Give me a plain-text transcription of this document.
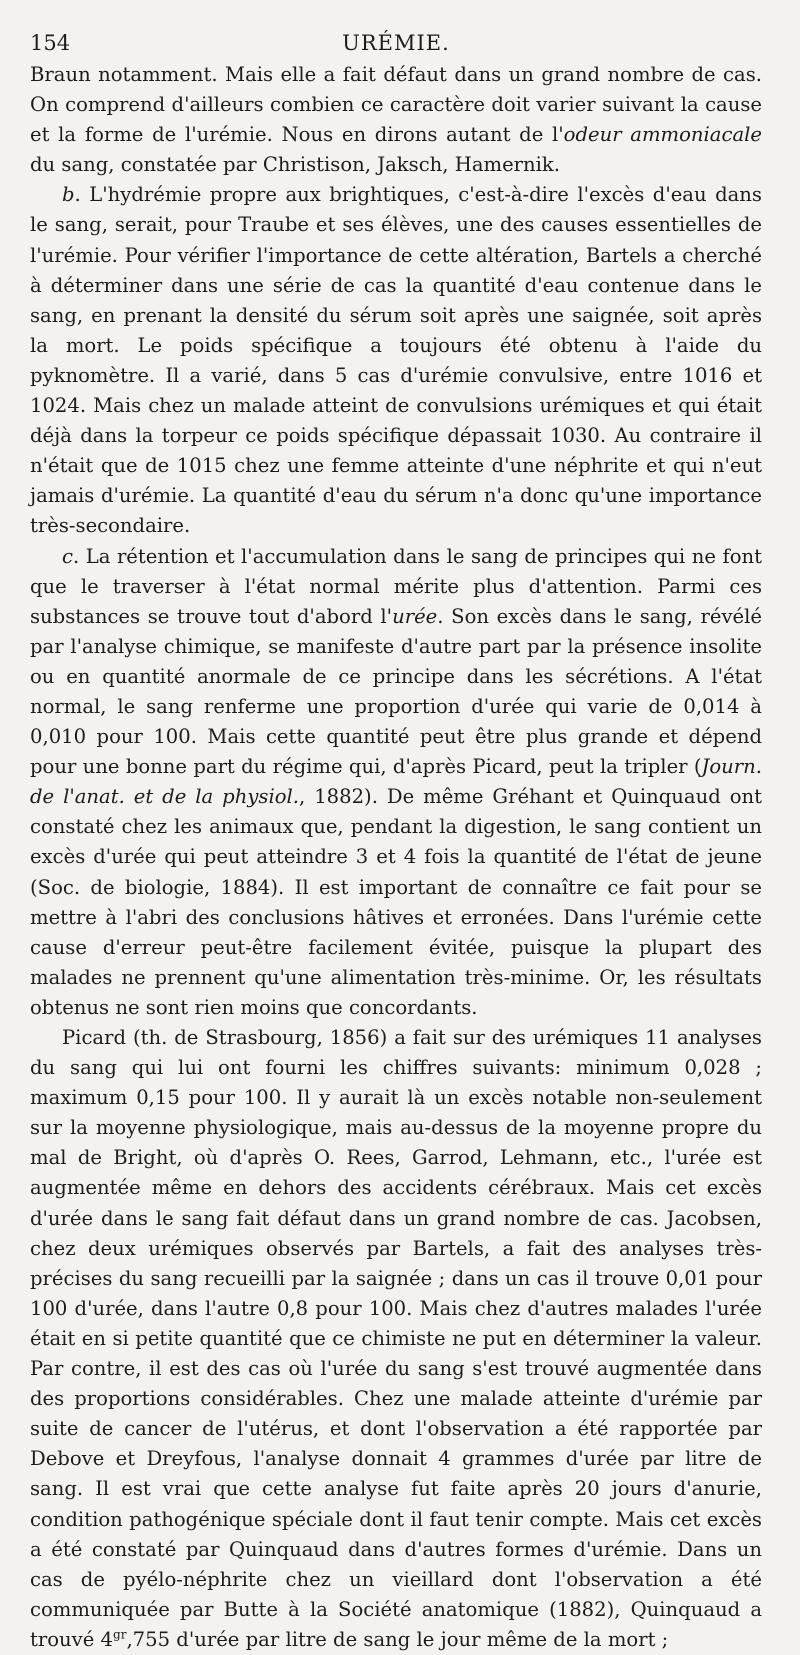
154	URÉMIE.

Braun notamment. Mais elle a fait défaut dans un grand nombre de cas. On comprend d'ailleurs combien ce caractère doit varier suivant la cause et la forme de l'urémie. Nous en dirons autant de l'odeur ammoniacale du sang, constatée par Christison, Jaksch, Hamernik.

b. L'hydrémie propre aux brightiques, c'est-à-dire l'excès d'eau dans le sang, serait, pour Traube et ses élèves, une des causes essentielles de l'urémie. Pour vérifier l'importance de cette altération, Bartels a cherché à déterminer dans une série de cas la quantité d'eau contenue dans le sang, en prenant la densité du sérum soit après une saignée, soit après la mort. Le poids spécifique a toujours été obtenu à l'aide du pyknomètre. Il a varié, dans 5 cas d'urémie convulsive, entre 1016 et 1024. Mais chez un malade atteint de convulsions urémiques et qui était déjà dans la torpeur ce poids spécifique dépassait 1030. Au contraire il n'était que de 1015 chez une femme atteinte d'une néphrite et qui n'eut jamais d'urémie. La quantité d'eau du sérum n'a donc qu'une importance très-secondaire.

c. La rétention et l'accumulation dans le sang de principes qui ne font que le traverser à l'état normal mérite plus d'attention. Parmi ces substances se trouve tout d'abord l'urée. Son excès dans le sang, révélé par l'analyse chimique, se manifeste d'autre part par la présence insolite ou en quantité anormale de ce principe dans les sécrétions. A l'état normal, le sang renferme une proportion d'urée qui varie de 0,014 à 0,010 pour 100. Mais cette quantité peut être plus grande et dépend pour une bonne part du régime qui, d'après Picard, peut la tripler (Journ. de l'anat. et de la physiol., 1882). De même Gréhant et Quinquaud ont constaté chez les animaux que, pendant la digestion, le sang contient un excès d'urée qui peut atteindre 3 et 4 fois la quantité de l'état de jeune (Soc. de biologie, 1884). Il est important de connaître ce fait pour se mettre à l'abri des conclusions hâtives et erronées. Dans l'urémie cette cause d'erreur peut-être facilement évitée, puisque la plupart des malades ne prennent qu'une alimentation très-minime. Or, les résultats obtenus ne sont rien moins que concordants.

Picard (th. de Strasbourg, 1856) a fait sur des urémiques 11 analyses du sang qui lui ont fourni les chiffres suivants: minimum 0,028 ; maximum 0,15 pour 100. Il y aurait là un excès notable non-seulement sur la moyenne physiologique, mais au-dessus de la moyenne propre du mal de Bright, où d'après O. Rees, Garrod, Lehmann, etc., l'urée est augmentée même en dehors des accidents cérébraux. Mais cet excès d'urée dans le sang fait défaut dans un grand nombre de cas. Jacobsen, chez deux urémiques observés par Bartels, a fait des analyses très-précises du sang recueilli par la saignée ; dans un cas il trouve 0,01 pour 100 d'urée, dans l'autre 0,8 pour 100. Mais chez d'autres malades l'urée était en si petite quantité que ce chimiste ne put en déterminer la valeur. Par contre, il est des cas où l'urée du sang s'est trouvé augmentée dans des proportions considérables. Chez une malade atteinte d'urémie par suite de cancer de l'utérus, et dont l'observation a été rapportée par Debove et Dreyfous, l'analyse donnait 4 grammes d'urée par litre de sang. Il est vrai que cette analyse fut faite après 20 jours d'anurie, condition pathogénique spéciale dont il faut tenir compte. Mais cet excès a été constaté par Quinquaud dans d'autres formes d'urémie. Dans un cas de pyélo-néphrite chez un vieillard dont l'observation a été communiquée par Butte à la Société anatomique (1882), Quinquaud a trouvé $4^{gr},755$ d'urée par litre de sang le jour même de la mort ;
